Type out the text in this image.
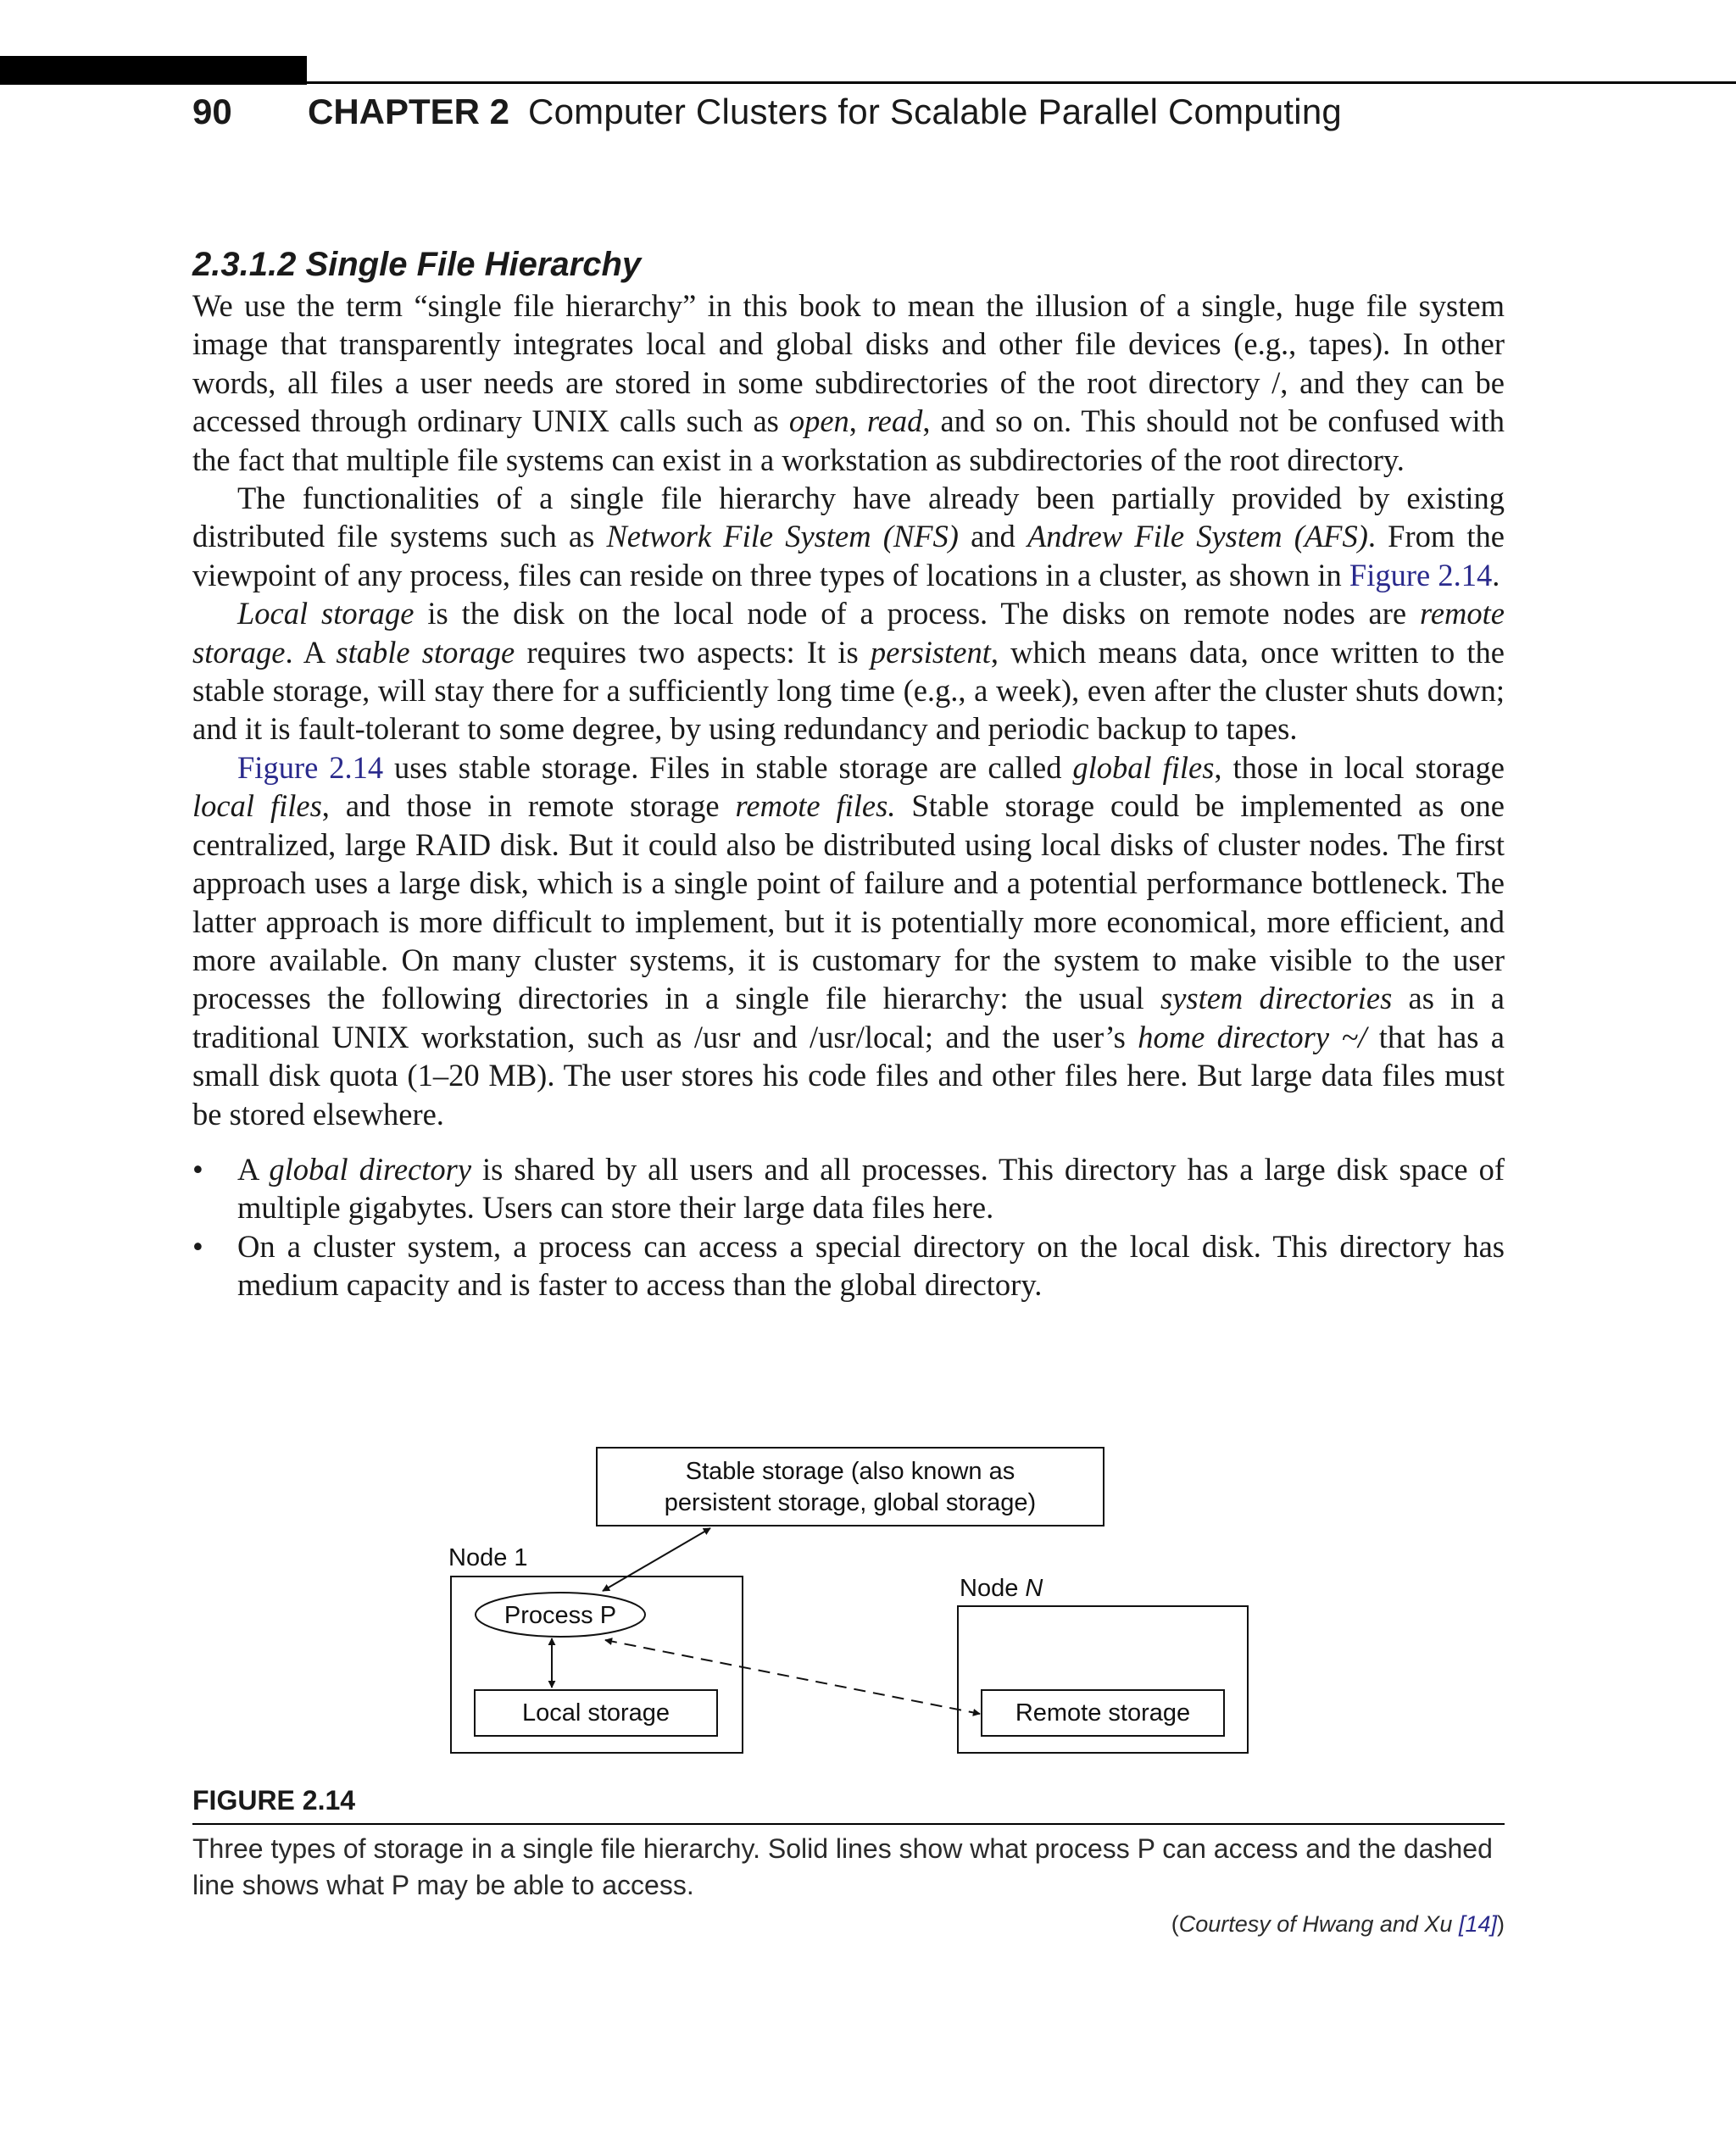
90	CHAPTER 2 Computer Clusters for Scalable Parallel Computing
2.3.1.2 Single File Hierarchy

We use the term “single file hierarchy” in this book to mean the illusion of a single, huge file system image that transparently integrates local and global disks and other file devices (e.g., tapes). In other words, all files a user needs are stored in some subdirectories of the root directory /, and they can be accessed through ordinary UNIX calls such as open, read, and so on. This should not be confused with the fact that multiple file systems can exist in a workstation as subdirectories of the root directory.

The functionalities of a single file hierarchy have already been partially provided by existing distributed file systems such as Network File System (NFS) and Andrew File System (AFS). From the viewpoint of any process, files can reside on three types of locations in a cluster, as shown in Figure 2.14.

Local storage is the disk on the local node of a process. The disks on remote nodes are remote storage. A stable storage requires two aspects: It is persistent, which means data, once written to the stable storage, will stay there for a sufficiently long time (e.g., a week), even after the cluster shuts down; and it is fault-tolerant to some degree, by using redundancy and periodic backup to tapes.

Figure 2.14 uses stable storage. Files in stable storage are called global files, those in local storage local files, and those in remote storage remote files. Stable storage could be implemented as one centralized, large RAID disk. But it could also be distributed using local disks of cluster nodes. The first approach uses a large disk, which is a single point of failure and a potential performance bottleneck. The latter approach is more difficult to implement, but it is potentially more economical, more efficient, and more available. On many cluster systems, it is customary for the system to make visible to the user processes the following directories in a single file hierarchy: the usual system directories as in a traditional UNIX workstation, such as /usr and /usr/local; and the user’s home directory ~/ that has a small disk quota (1–20 MB). The user stores his code files and other files here. But large data files must be stored elsewhere.

• A global directory is shared by all users and all processes. This directory has a large disk space of multiple gigabytes. Users can store their large data files here.
• On a cluster system, a process can access a special directory on the local disk. This directory has medium capacity and is faster to access than the global directory.
Stable storage (also known as
persistent storage, global storage)
Node 1
Node N
Process P
Local storage	Remote storage
FIGURE 2.14
Three types of storage in a single file hierarchy. Solid lines show what process P can access and the dashed line shows what P may be able to access.
(Courtesy of Hwang and Xu [14])
